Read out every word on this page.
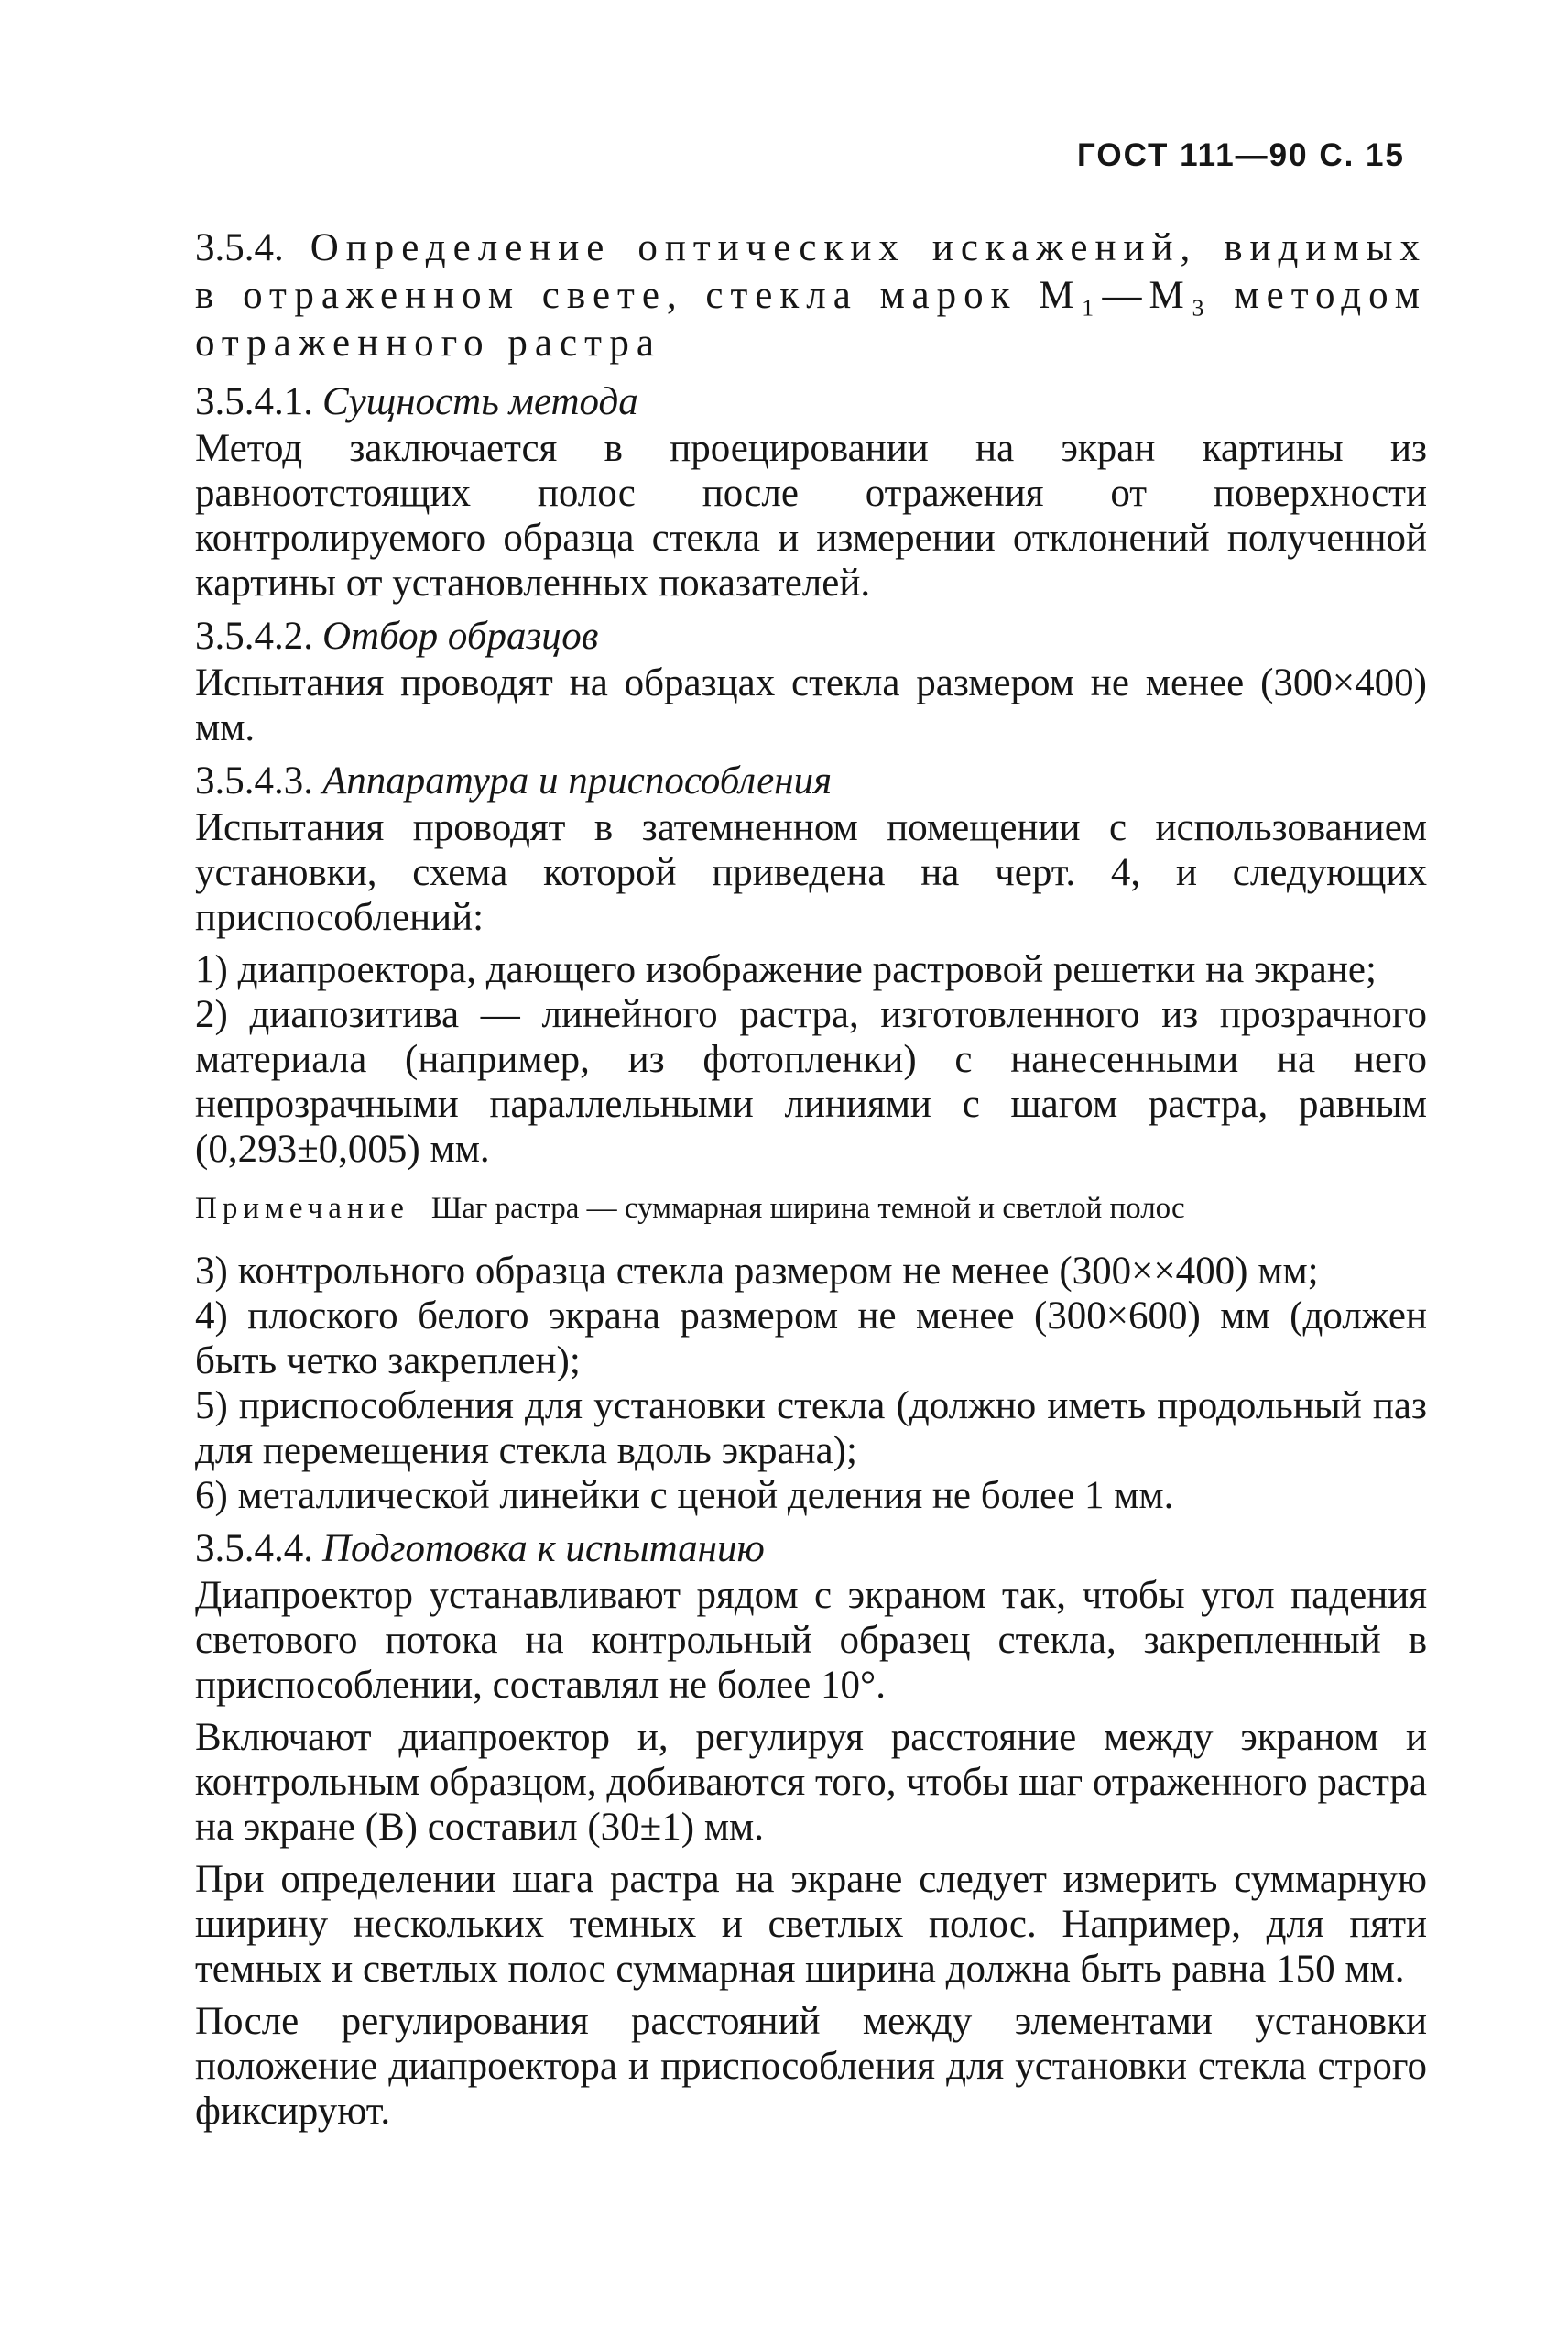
ГОСТ 111—90 С. 15
3.5.4. Определение оптических искажений, видимых в отраженном свете, стекла марок M₁—M₃ методом отраженного растра
3.5.4.1. Сущность метода

Метод заключается в проецировании на экран картины из равноотстоящих полос после отражения от поверхности контролируемого образца стекла и измерении отклонений полученной картины от установленных показателей.

3.5.4.2. Отбор образцов

Испытания проводят на образцах стекла размером не менее (300×400) мм.

3.5.4.3. Аппаратура и приспособления

Испытания проводят в затемненном помещении с использованием установки, схема которой приведена на черт. 4, и следующих приспособлений:

1) диапроектора, дающего изображение растровой решетки на экране;

2) диапозитива — линейного растра, изготовленного из прозрачного материала (например, из фотопленки) с нанесенными на него непрозрачными параллельными линиями с шагом растра, равным (0,293±0,005) мм.

Примечание Шаг растра — суммарная ширина темной и светлой полос

3) контрольного образца стекла размером не менее (300××400) мм;

4) плоского белого экрана размером не менее (300×600) мм (должен быть четко закреплен);

5) приспособления для установки стекла (должно иметь продольный паз для перемещения стекла вдоль экрана);

6) металлической линейки с ценой деления не более 1 мм.

3.5.4.4. Подготовка к испытанию

Диапроектор устанавливают рядом с экраном так, чтобы угол падения светового потока на контрольный образец стекла, закрепленный в приспособлении, составлял не более 10°.

Включают диапроектор и, регулируя расстояние между экраном и контрольным образцом, добиваются того, чтобы шаг отраженного растра на экране (B) составил (30±1) мм.

При определении шага растра на экране следует измерить суммарную ширину нескольких темных и светлых полос. Например, для пяти темных и светлых полос суммарная ширина должна быть равна 150 мм.

После регулирования расстояний между элементами установки положение диапроектора и приспособления для установки стекла строго фиксируют.
